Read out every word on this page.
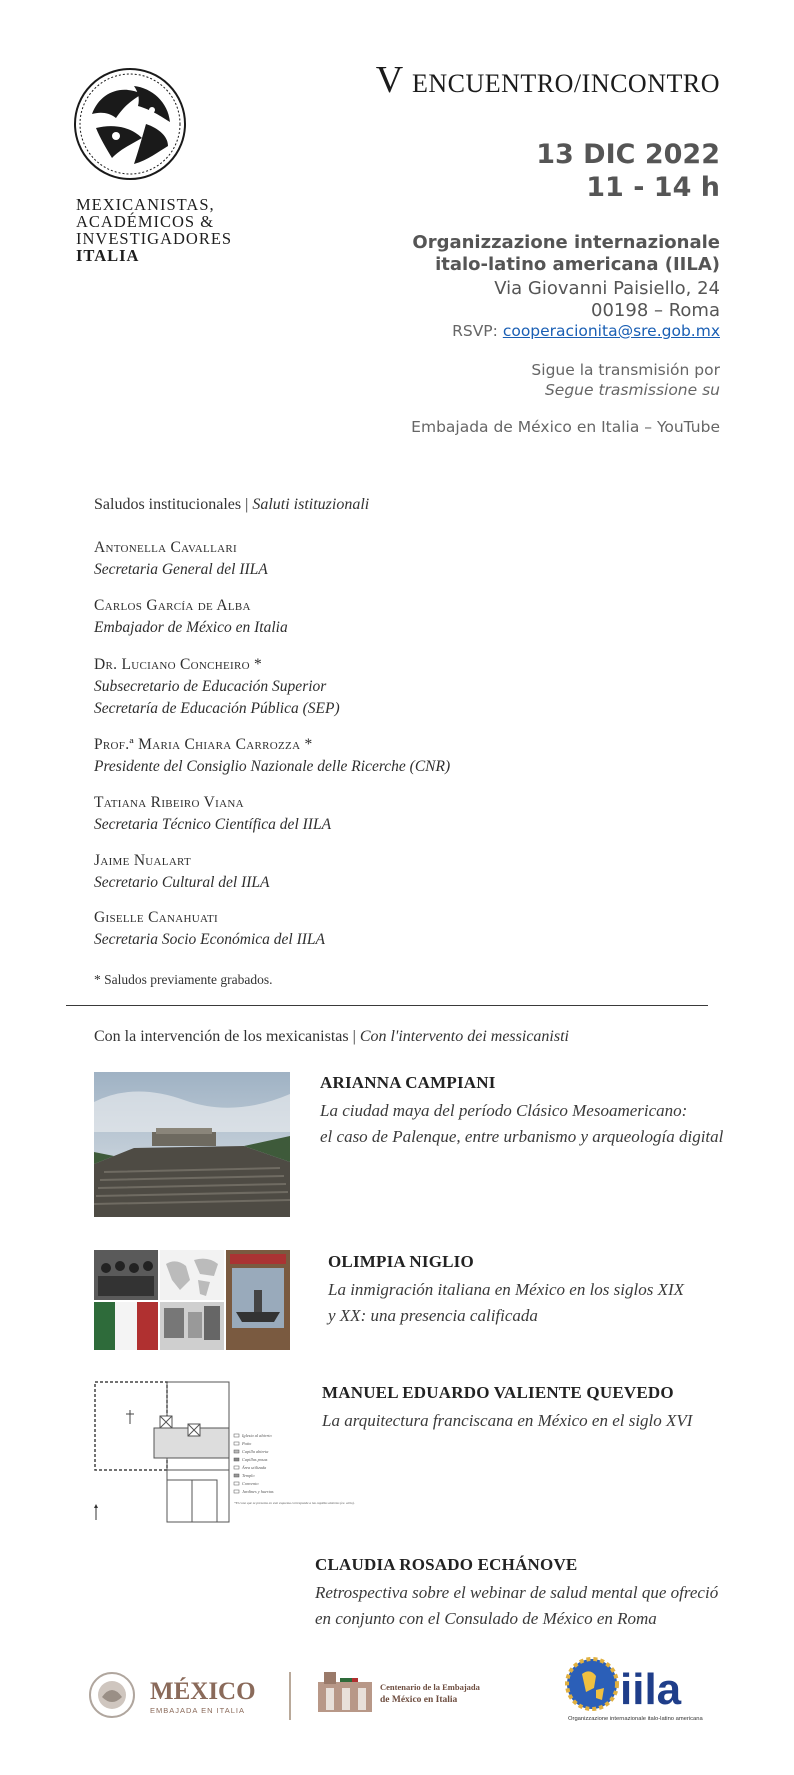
MEXICANISTAS,
ACADÉMICOS &
INVESTIGADORES
ITALIA
V ENCUENTRO/INCONTRO
13 DIC 2022
11 - 14 h
Organizzazione internazionale
italo-latino americana (IILA)
Via Giovanni Paisiello, 24
00198 – Roma
RSVP: cooperacionita@sre.gob.mx
Sigue la transmisión por
Segue trasmissione su
Embajada de México en Italia – YouTube
Saludos institucionales | Saluti istituzionali
Antonella Cavallari
Secretaria General del IILA
Carlos García de Alba
Embajador de México en Italia
Dr. Luciano Concheiro *
Subsecretario de Educación Superior
Secretaría de Educación Pública (SEP)
Prof.ª Maria Chiara Carrozza *
Presidente del Consiglio Nazionale delle Ricerche (CNR)
Tatiana Ribeiro Viana
Secretaria Técnico Científica del IILA
Jaime Nualart
Secretario Cultural del IILA
Giselle Canahuati
Secretaria Socio Económica del IILA
* Saludos previamente grabados.
Con la intervención de los mexicanistas | Con l'intervento dei messicanisti
ARIANNA CAMPIANI
La ciudad maya del período Clásico Mesoamericano:
el caso de Palenque, entre urbanismo y arqueología digital
OLIMPIA NIGLIO
La inmigración italiana en México en los siglos XIX
y XX: una presencia calificada
Iglesia al abierto
Patio
Capilla abierta
Capillas posas
Área utilizada
Templo
Convento
Jardines y huertas
*El cono que se presenta en este esquema corresponde a las capillas abiertas (ex. atrio).
MANUEL EDUARDO VALIENTE QUEVEDO
La arquitectura franciscana en México en el siglo XVI
CLAUDIA ROSADO ECHÁNOVE
Retrospectiva sobre el webinar de salud mental que ofreció
en conjunto con el Consulado de México en Roma
MÉXICO
EMBAJADA EN ITALIA
Centenario de la Embajada
de México en Italia	iila
Organizzazione internazionale italo-latino americana
